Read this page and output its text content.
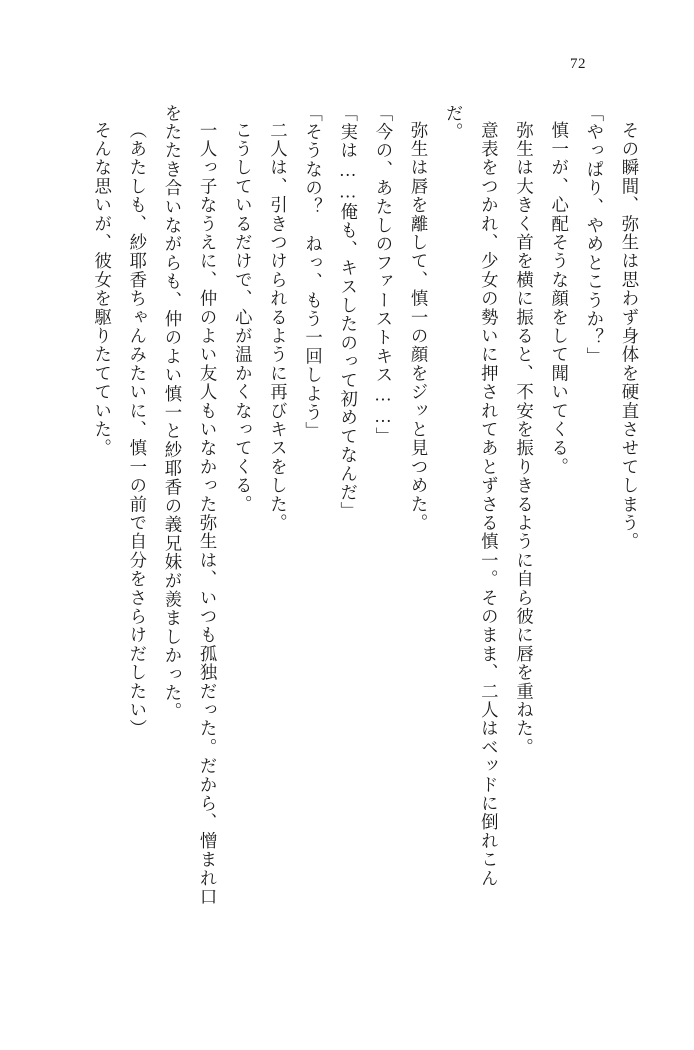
72

その瞬間、弥生は思わず身体を硬直させてしまう。

「やっぱり、やめとこうか？」

慎一が、心配そうな顔をして聞いてくる。

弥生は大きく首を横に振ると、不安を振りきるように自ら彼に唇を重ねた。

意表をつかれ、少女の勢いに押されてあとずさる慎一。そのまま、二人はベッドに倒れこんだ。

弥生は唇を離して、慎一の顔をジッと見つめた。

「今の、あたしのファーストキス……」

「実は……俺も、キスしたのって初めてなんだ」

「そうなの？　ねっ、もう一回しよう」

二人は、引きつけられるように再びキスをした。

こうしているだけで、心が温かくなってくる。

一人っ子なうえに、仲のよい友人もいなかった弥生は、いつも孤独だった。だから、憎まれ口をたたき合いながらも、仲のよい慎一と紗耶香の義兄妹が羨ましかった。

（あたしも、紗耶香ちゃんみたいに、慎一の前で自分をさらけだしたい）

そんな思いが、彼女を駆りたてていた。
